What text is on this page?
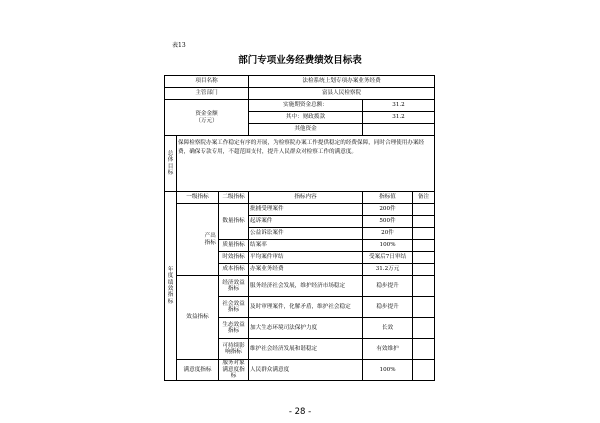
表13
部门专项业务经费绩效目标表
项目名称				法检系统上划专项办案业务经费		
主管部门				富县人民检察院		
资金金额
（万元）				实施期资金总额：	31.2	
				其中：财政拨款	31.2	
				其他资金		
总体目标	保障检察院办案工作稳定有序的开展，为检察院办案工作提供稳定的经费保障，同时合理使用办案经费，确保专款专用，不超范围支付，提升人民群众对检察工作的满意度。					
年度绩效指标	一级指标		二级指标	指标内容	指标值	备注
		产出指标	数量指标	批捕受理案件	200件	
				起诉案件	500件	
				公益诉讼案件	20件	
			质量指标	结案率	100%	
			时效指标	平均案件审结	受案后7日审结	
			成本指标	办案业务经费	31.2万元	
	效益指标		经济效益指标	服务经济社会发展，维护经济市场稳定	稳步提升	
			社会效益指标	及时审理案件，化解矛盾，维护社会稳定	稳步提升	
			生态效益指标	加大生态环境司法保护力度	长效	
			可持续影响指标	维护社会经济发展和谐稳定	有效维护	
	满意度指标		服务对象满意度指标	人民群众满意度	100%	
- 28 -
